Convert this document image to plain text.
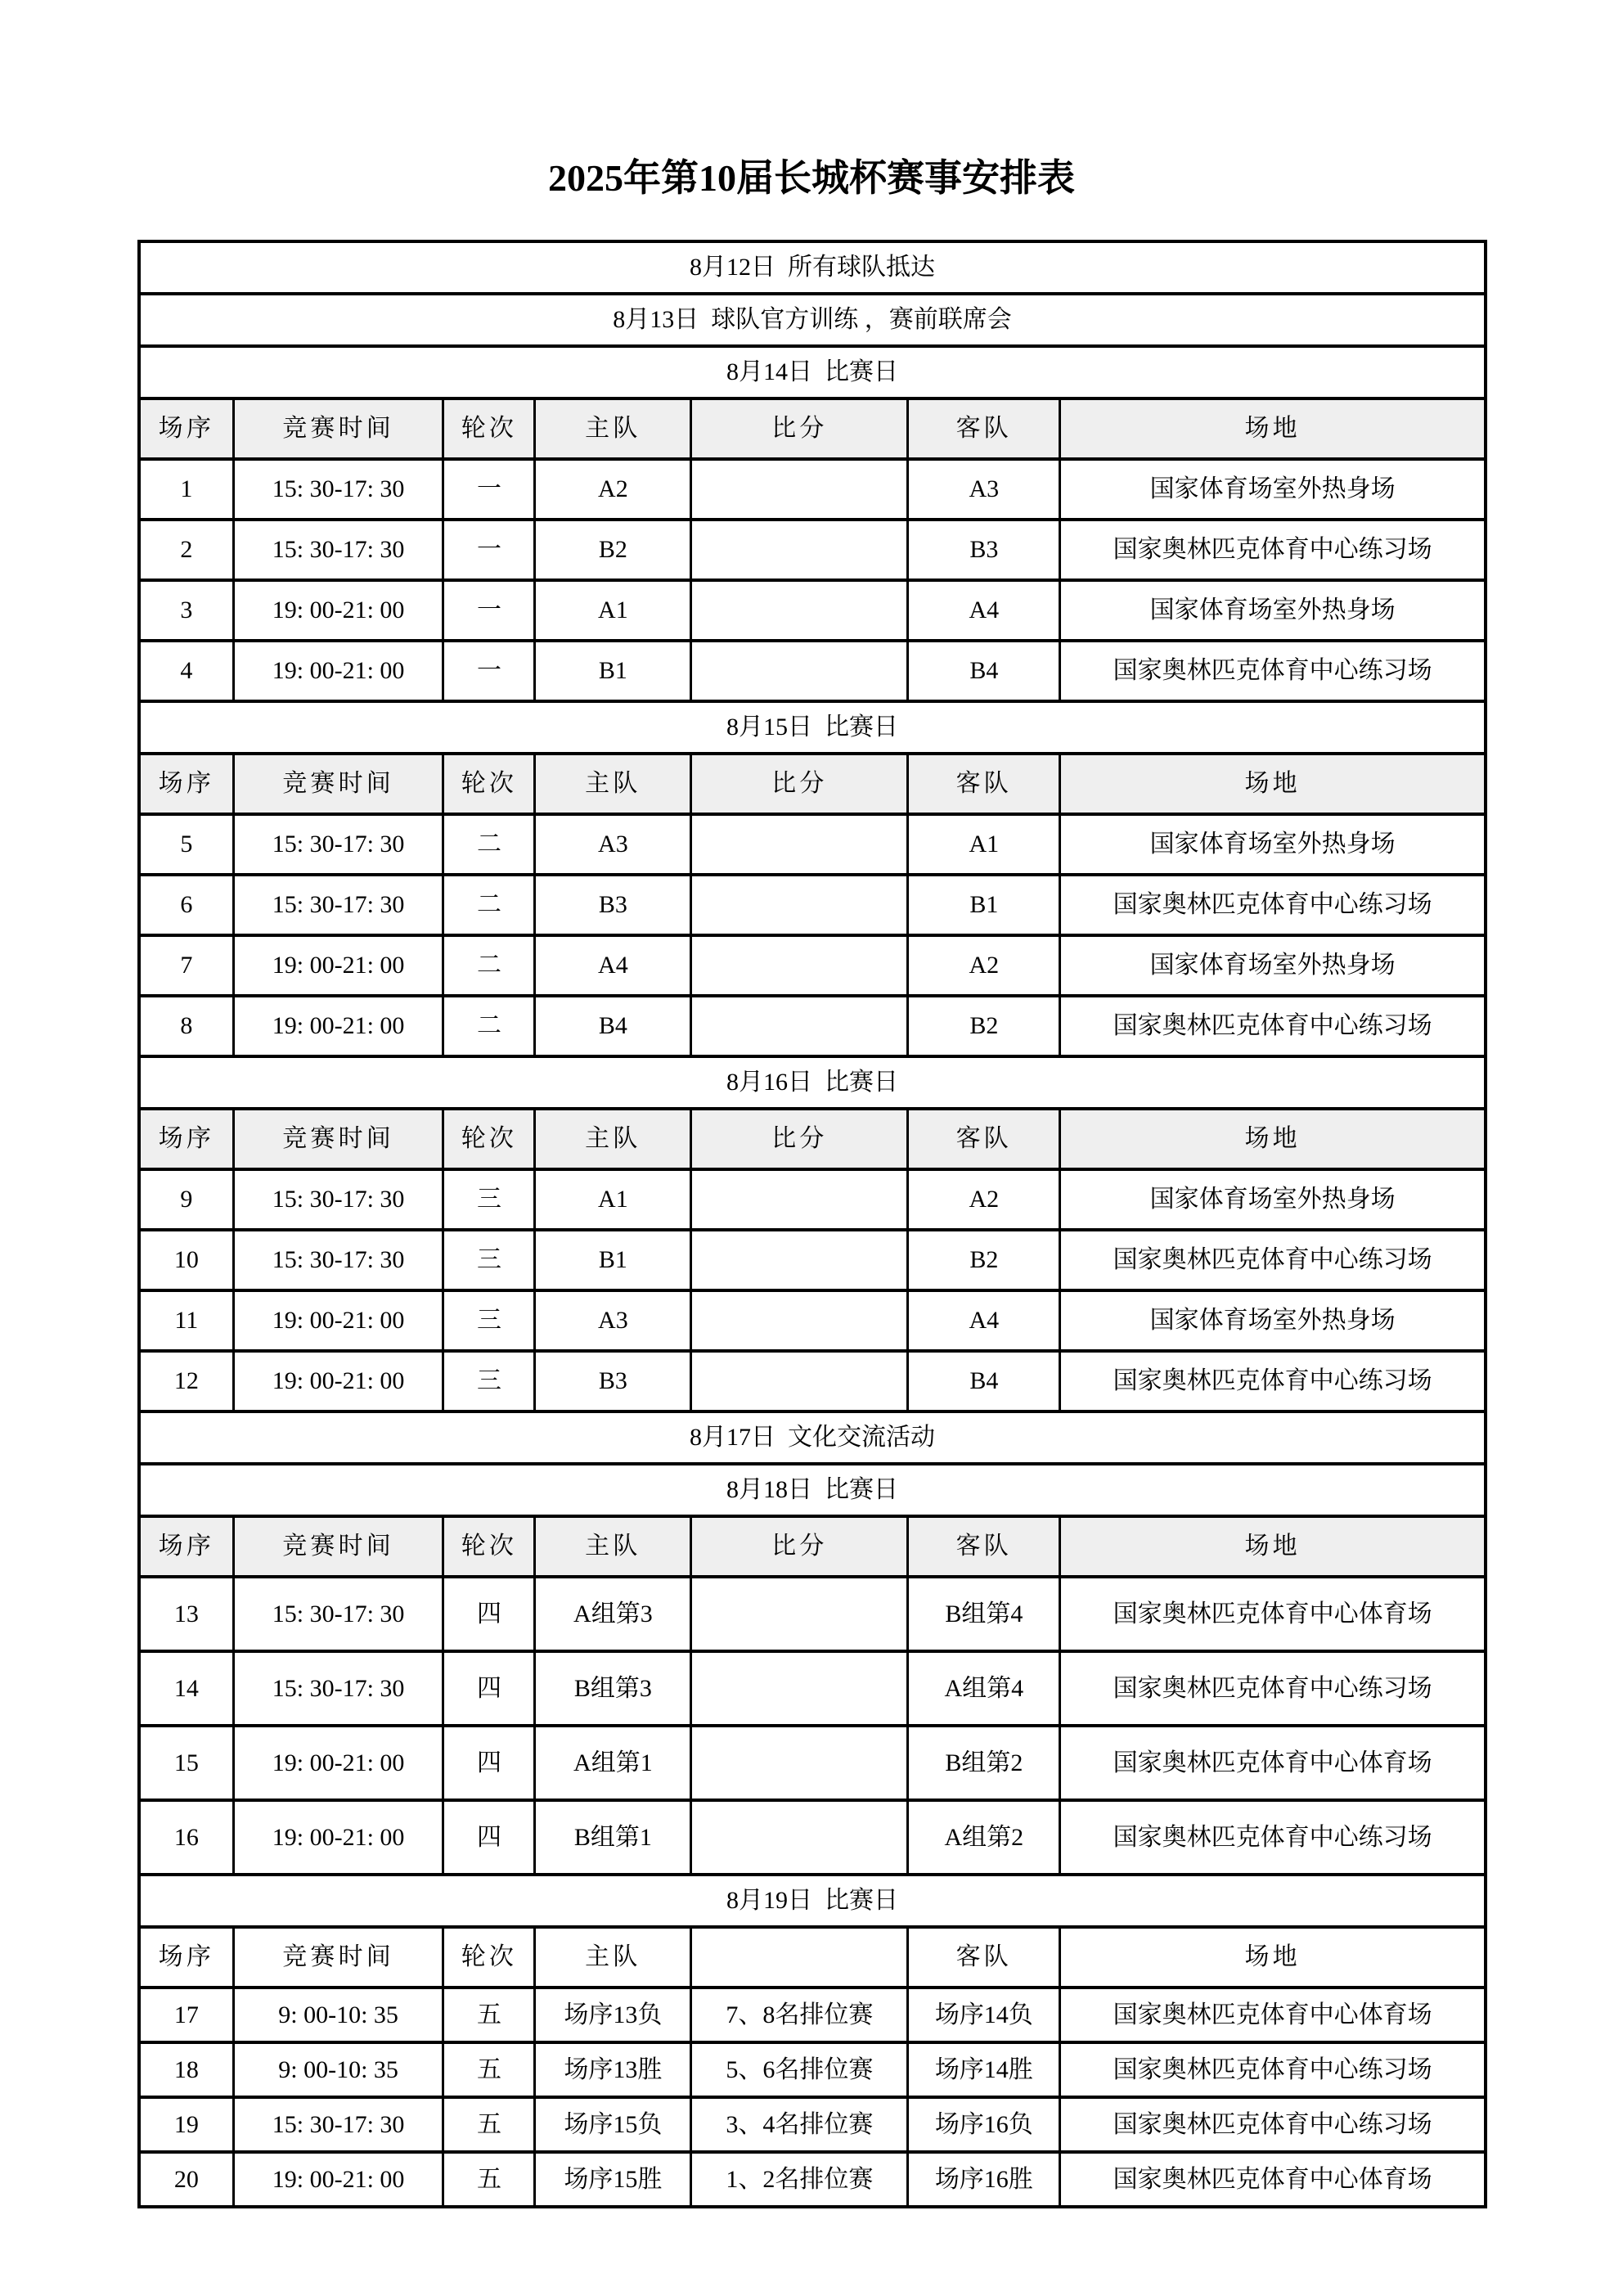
2025年第10届长城杯赛事安排表
8月12日  所有球队抵达						
8月13日  球队官方训练 ，赛前联席会						
8月14日  比赛日						
场序	竞赛时间	轮次	主队	比分	客队	场地
1	15: 30-17: 30	一	A2		A3	国家体育场室外热身场
2	15: 30-17: 30	一	B2		B3	国家奥林匹克体育中心练习场
3	19: 00-21: 00	一	A1		A4	国家体育场室外热身场
4	19: 00-21: 00	一	B1		B4	国家奥林匹克体育中心练习场
8月15日  比赛日						
场序	竞赛时间	轮次	主队	比分	客队	场地
5	15: 30-17: 30	二	A3		A1	国家体育场室外热身场
6	15: 30-17: 30	二	B3		B1	国家奥林匹克体育中心练习场
7	19: 00-21: 00	二	A4		A2	国家体育场室外热身场
8	19: 00-21: 00	二	B4		B2	国家奥林匹克体育中心练习场
8月16日  比赛日						
场序	竞赛时间	轮次	主队	比分	客队	场地
9	15: 30-17: 30	三	A1		A2	国家体育场室外热身场
10	15: 30-17: 30	三	B1		B2	国家奥林匹克体育中心练习场
11	19: 00-21: 00	三	A3		A4	国家体育场室外热身场
12	19: 00-21: 00	三	B3		B4	国家奥林匹克体育中心练习场
8月17日  文化交流活动						
8月18日  比赛日						
场序	竞赛时间	轮次	主队	比分	客队	场地
13	15: 30-17: 30	四	A组第3		B组第4	国家奥林匹克体育中心体育场
14	15: 30-17: 30	四	B组第3		A组第4	国家奥林匹克体育中心练习场
15	19: 00-21: 00	四	A组第1		B组第2	国家奥林匹克体育中心体育场
16	19: 00-21: 00	四	B组第1		A组第2	国家奥林匹克体育中心练习场
8月19日  比赛日						
场序	竞赛时间	轮次	主队		客队	场地
17	9: 00-10: 35	五	场序13负	7、8名排位赛	场序14负	国家奥林匹克体育中心体育场
18	9: 00-10: 35	五	场序13胜	5、6名排位赛	场序14胜	国家奥林匹克体育中心练习场
19	15: 30-17: 30	五	场序15负	3、4名排位赛	场序16负	国家奥林匹克体育中心练习场
20	19: 00-21: 00	五	场序15胜	1、2名排位赛	场序16胜	国家奥林匹克体育中心体育场
